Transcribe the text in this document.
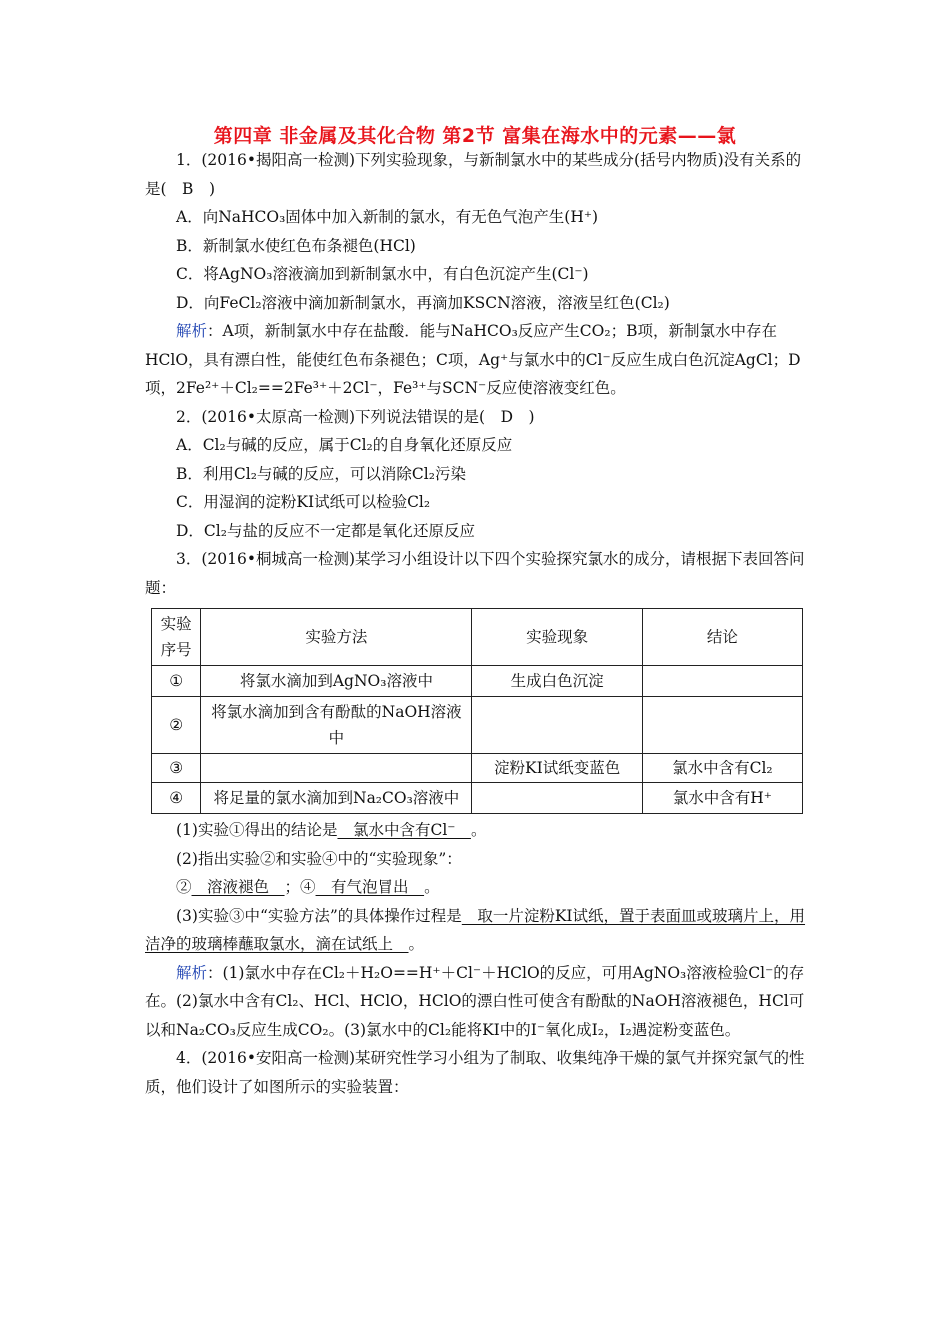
第四章 非金属及其化合物 第2节 富集在海水中的元素——氯

1．(2016•揭阳高一检测)下列实验现象，与新制氯水中的某些成分(括号内物质)没有关系的是(　B　)

A．向NaHCO₃固体中加入新制的氯水，有无色气泡产生(H⁺)

B．新制氯水使红色布条褪色(HCl)

C．将AgNO₃溶液滴加到新制氯水中，有白色沉淀产生(Cl⁻)

D．向FeCl₂溶液中滴加新制氯水，再滴加KSCN溶液，溶液呈红色(Cl₂)

解析：A项，新制氯水中存在盐酸．能与NaHCO₃反应产生CO₂；B项，新制氯水中存在HClO，具有漂白性，能使红色布条褪色；C项，Ag⁺与氯水中的Cl⁻反应生成白色沉淀AgCl；D项，2Fe²⁺＋Cl₂==2Fe³⁺＋2Cl⁻，Fe³⁺与SCN⁻反应使溶液变红色。

2．(2016•太原高一检测)下列说法错误的是(　D　)

A．Cl₂与碱的反应，属于Cl₂的自身氧化还原反应

B．利用Cl₂与碱的反应，可以消除Cl₂污染

C．用湿润的淀粉KI试纸可以检验Cl₂

D．Cl₂与盐的反应不一定都是氧化还原反应

3．(2016•桐城高一检测)某学习小组设计以下四个实验探究氯水的成分，请根据下表回答问题：

实验序号	实验方法	实验现象	结论
①	将氯水滴加到AgNO₃溶液中	生成白色沉淀	
②	将氯水滴加到含有酚酞的NaOH溶液中		
③		淀粉KI试纸变蓝色	氯水中含有Cl₂
④	将足量的氯水滴加到Na₂CO₃溶液中		氯水中含有H⁺

(1)实验①得出的结论是　氯水中含有Cl⁻　。

(2)指出实验②和实验④中的“实验现象”：

②　溶液褪色　；④　有气泡冒出　。

(3)实验③中“实验方法”的具体操作过程是　取一片淀粉KI试纸，置于表面皿或玻璃片上，用洁净的玻璃棒蘸取氯水，滴在试纸上　。

解析：(1)氯水中存在Cl₂＋H₂O==H⁺＋Cl⁻＋HClO的反应，可用AgNO₃溶液检验Cl⁻的存在。(2)氯水中含有Cl₂、HCl、HClO，HClO的漂白性可使含有酚酞的NaOH溶液褪色，HCl可以和Na₂CO₃反应生成CO₂。(3)氯水中的Cl₂能将KI中的I⁻氧化成I₂，I₂遇淀粉变蓝色。

4．(2016•安阳高一检测)某研究性学习小组为了制取、收集纯净干燥的氯气并探究氯气的性质，他们设计了如图所示的实验装置：
